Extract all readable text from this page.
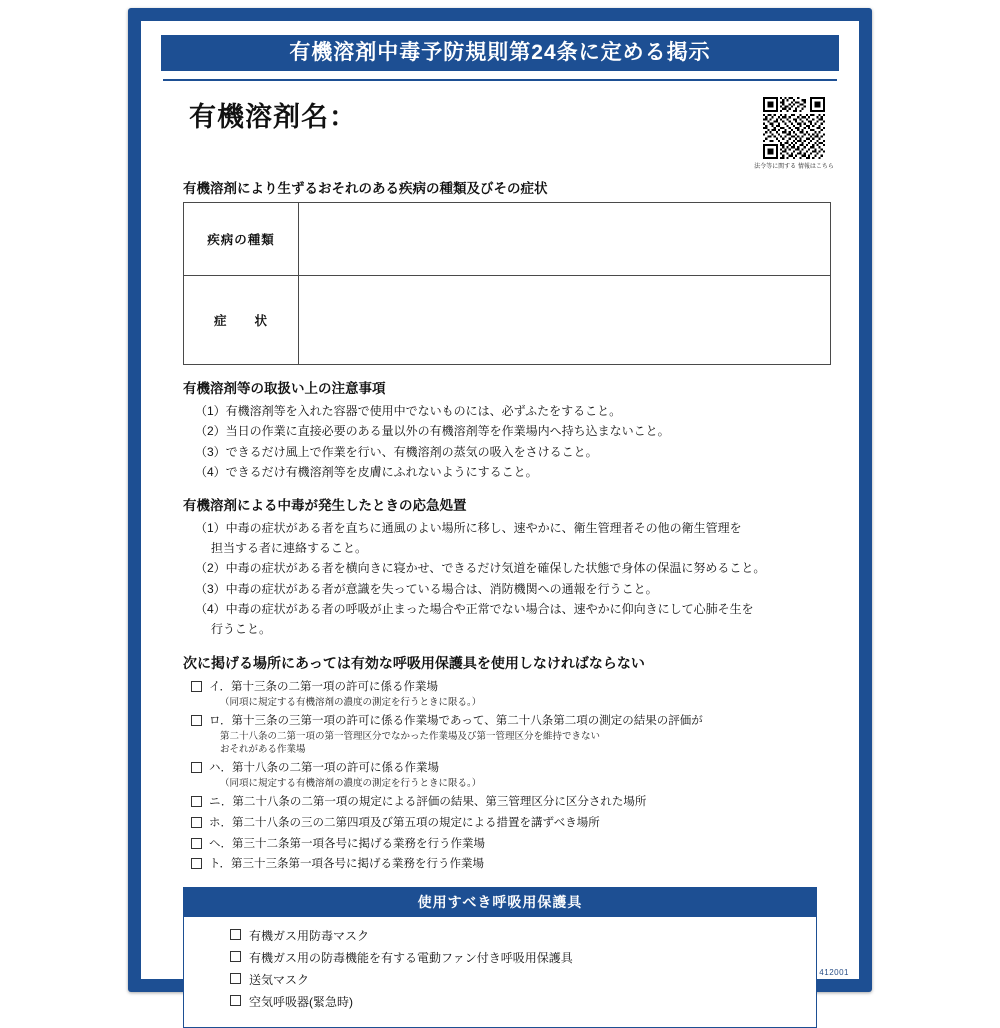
有機溶剤中毒予防規則第24条に定める掲示
有機溶剤名：
法令等に関する 情報はこちら
有機溶剤により生ずるおそれのある疾病の種類及びその症状
疾病の種類	
症　　状	
有機溶剤等の取扱い上の注意事項
（1）有機溶剤等を入れた容器で使用中でないものには、必ずふたをすること。
（2）当日の作業に直接必要のある量以外の有機溶剤等を作業場内へ持ち込まないこと。
（3）できるだけ風上で作業を行い、有機溶剤の蒸気の吸入をさけること。
（4）できるだけ有機溶剤等を皮膚にふれないようにすること。
有機溶剤による中毒が発生したときの応急処置
（1）中毒の症状がある者を直ちに通風のよい場所に移し、速やかに、衛生管理者その他の衛生管理を
担当する者に連絡すること。
（2）中毒の症状がある者を横向きに寝かせ、できるだけ気道を確保した状態で身体の保温に努めること。
（3）中毒の症状がある者が意識を失っている場合は、消防機関への通報を行うこと。
（4）中毒の症状がある者の呼吸が止まった場合や正常でない場合は、速やかに仰向きにして心肺そ生を
行うこと。
次に掲げる場所にあっては有効な呼吸用保護具を使用しなければならない
イ．第十三条の二第一項の許可に係る作業場
（同項に規定する有機溶剤の濃度の測定を行うときに限る。）
ロ．第十三条の三第一項の許可に係る作業場であって、第二十八条第二項の測定の結果の評価が
第二十八条の二第一項の第一管理区分でなかった作業場及び第一管理区分を維持できない
おそれがある作業場
ハ．第十八条の二第一項の許可に係る作業場
（同項に規定する有機溶剤の濃度の測定を行うときに限る。）
ニ．第二十八条の二第一項の規定による評価の結果、第三管理区分に区分された場所
ホ．第二十八条の三の二第四項及び第五項の規定による措置を講ずべき場所
ヘ．第三十二条第一項各号に掲げる業務を行う作業場
ト．第三十三条第一項各号に掲げる業務を行う作業場
使用すべき呼吸用保護具
有機ガス用防毒マスク
有機ガス用の防毒機能を有する電動ファン付き呼吸用保護具
送気マスク
空気呼吸器(緊急時)
412001
